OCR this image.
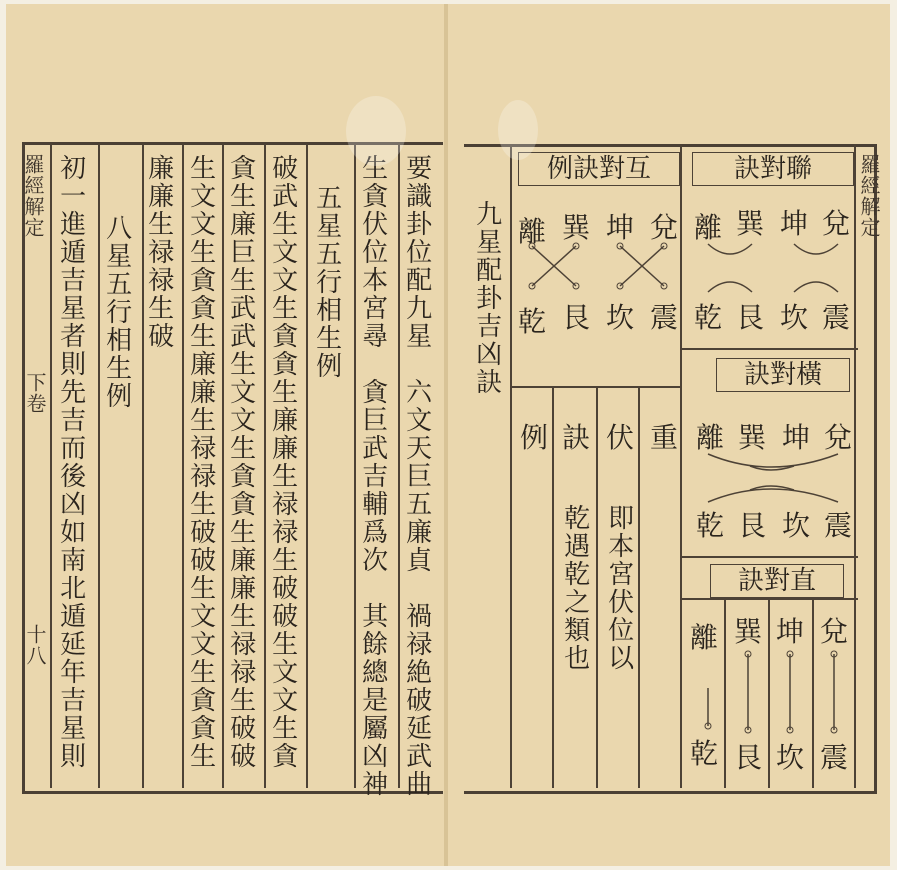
羅經解定
下卷
十八	要識卦位配九星　六文天巨五廉貞　禍禄絶破延武曲
生貪伏位本宮尋　貪巨武吉輔爲次　其餘總是屬凶神
五星五行相生例
破武生文文生貪貪生廉廉生禄禄生破破生文文生貪
貪生廉巨生武武生文文生貪貪生廉廉生禄禄生破破
生文文生貪貪生廉廉生禄禄生破破生文文生貪貪生
廉廉生禄禄生破
八星五行相生例
初一進遁吉星者則先吉而後凶如南北遁延年吉星則	羅經解定
九星配卦吉凶訣
例訣對互
離
乾
巽
艮
坤
坎
兌
震
例 訣 伏 重
乾遇乾之類也 即本宮伏位以
訣對聯
離 巽 坤 兌
乾 艮 坎 震
訣對橫
離 巽 坤 兌
乾 艮 坎 震
訣對直
離 巽 坤 兌
乾 艮 坎 震
